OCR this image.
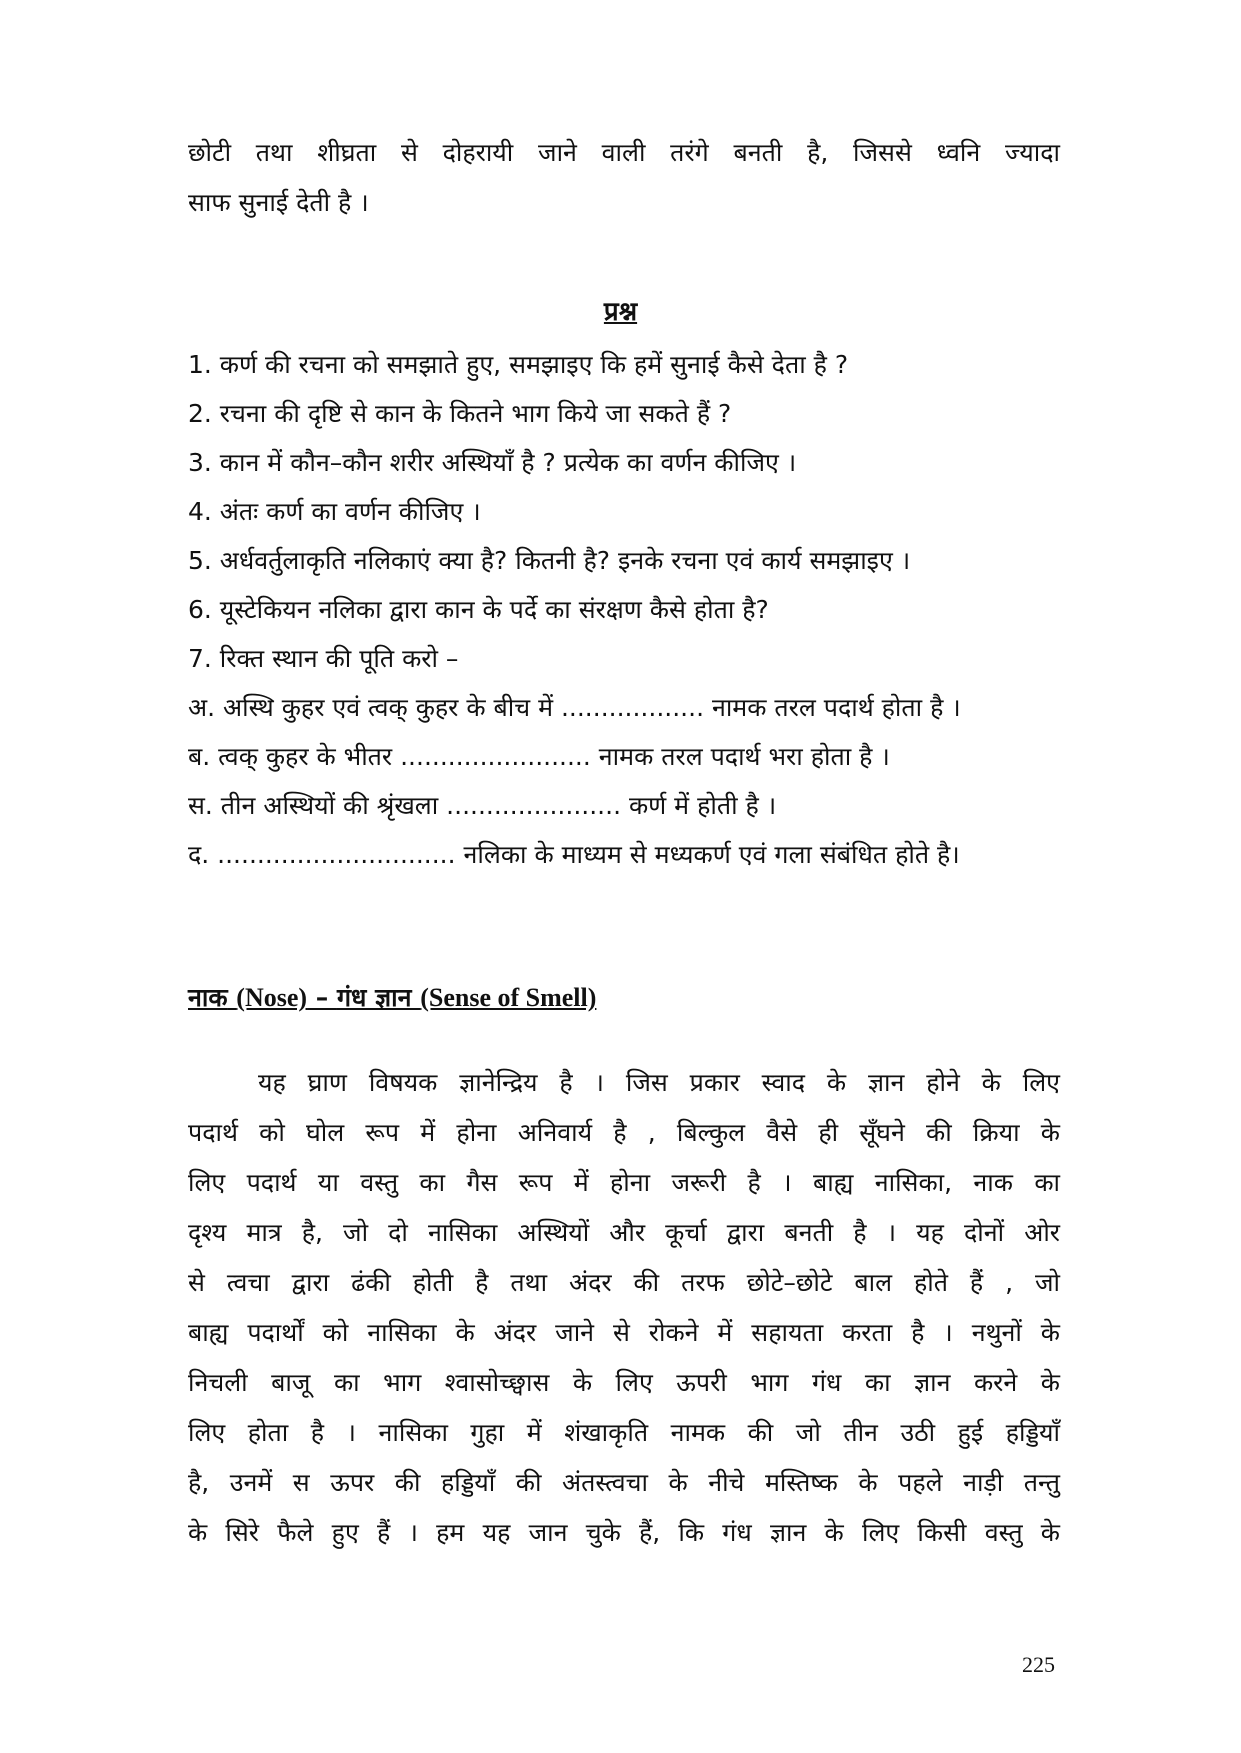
छोटी तथा शीघ्रता से दोहरायी जाने वाली तरंगे बनती है, जिससे ध्वनि ज्यादा
साफ सुनाई देती है ।
प्रश्न
1. कर्ण की रचना को समझाते हुए, समझाइए कि हमें सुनाई कैसे देता है ?
2. रचना की दृष्टि से कान के कितने भाग किये जा सकते हैं ?
3. कान में कौन–कौन शरीर अस्थियाँ है ? प्रत्येक का वर्णन कीजिए ।
4. अंतः कर्ण का वर्णन कीजिए ।
5. अर्धवर्तुलाकृति नलिकाएं क्या है? कितनी है? इनके रचना एवं कार्य समझाइए ।
6. यूस्टेकियन नलिका द्वारा कान के पर्दे का संरक्षण कैसे होता है?
7. रिक्त स्थान की पूति करो –
अ. अस्थि कुहर एवं त्वक् कुहर के बीच में .................. नामक तरल पदार्थ होता है ।
ब. त्वक् कुहर के भीतर ........................ नामक तरल पदार्थ भरा होता है ।
स. तीन अस्थियों की श्रृंखला ...................... कर्ण में होती है ।
द. .............................. नलिका के माध्यम से मध्यकर्ण एवं गला संबंधित होते है।
नाक (Nose) – गंध ज्ञान (Sense of Smell)
यह घ्राण विषयक ज्ञानेन्द्रिय है । जिस प्रकार स्वाद के ज्ञान होने के लिए
पदार्थ को घोल रूप में होना अनिवार्य है , बिल्कुल वैसे ही सूँघने की क्रिया के
लिए पदार्थ या वस्तु का गैस रूप में होना जरूरी है । बाह्य नासिका, नाक का
दृश्य मात्र है, जो दो नासिका अस्थियों और कूर्चा द्वारा बनती है । यह दोनों ओर
से त्वचा द्वारा ढंकी होती है तथा अंदर की तरफ छोटे–छोटे बाल होते हैं , जो
बाह्य पदार्थों को नासिका के अंदर जाने से रोकने में सहायता करता है । नथुनों के
निचली बाजू का भाग श्वासोच्छ्वास के लिए ऊपरी भाग गंध का ज्ञान करने के
लिए होता है । नासिका गुहा में शंखाकृति नामक की जो तीन उठी हुई हड्डियाँ
है, उनमें स ऊपर की हड्डियाँ की अंतस्त्वचा के नीचे मस्तिष्क के पहले नाड़ी तन्तु
के सिरे फैले हुए हैं । हम यह जान चुके हैं, कि गंध ज्ञान के लिए किसी वस्तु के
225
